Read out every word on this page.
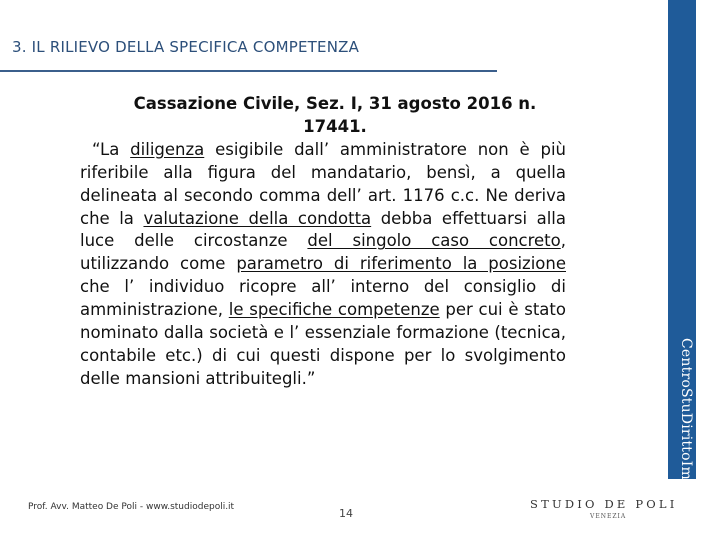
3. IL RILIEVO DELLA SPECIFICA COMPETENZA
Cassazione Civile, Sez. I, 31 agosto 2016 n. 17441.
“La diligenza esigibile dall’ amministratore non è più riferibile alla figura del mandatario, bensì, a quella delineata al secondo comma dell’ art. 1176 c.c. Ne deriva che la valutazione della condotta debba effettuarsi alla luce delle circostanze del singolo caso concreto, utilizzando come parametro di riferimento la posizione che l’ individuo ricopre all’ interno del consiglio di amministrazione, le specifiche competenze per cui è stato nominato dalla società e l’ essenziale formazione (tecnica, contabile etc.) di cui questi dispone per lo svolgimento delle mansioni attribuitegli.”	CentroStuDirittoImpresa
Prof. Avv. Matteo De Poli - www.studiodepoli.it	14
STUDIO DE POLI
VENEZIA
